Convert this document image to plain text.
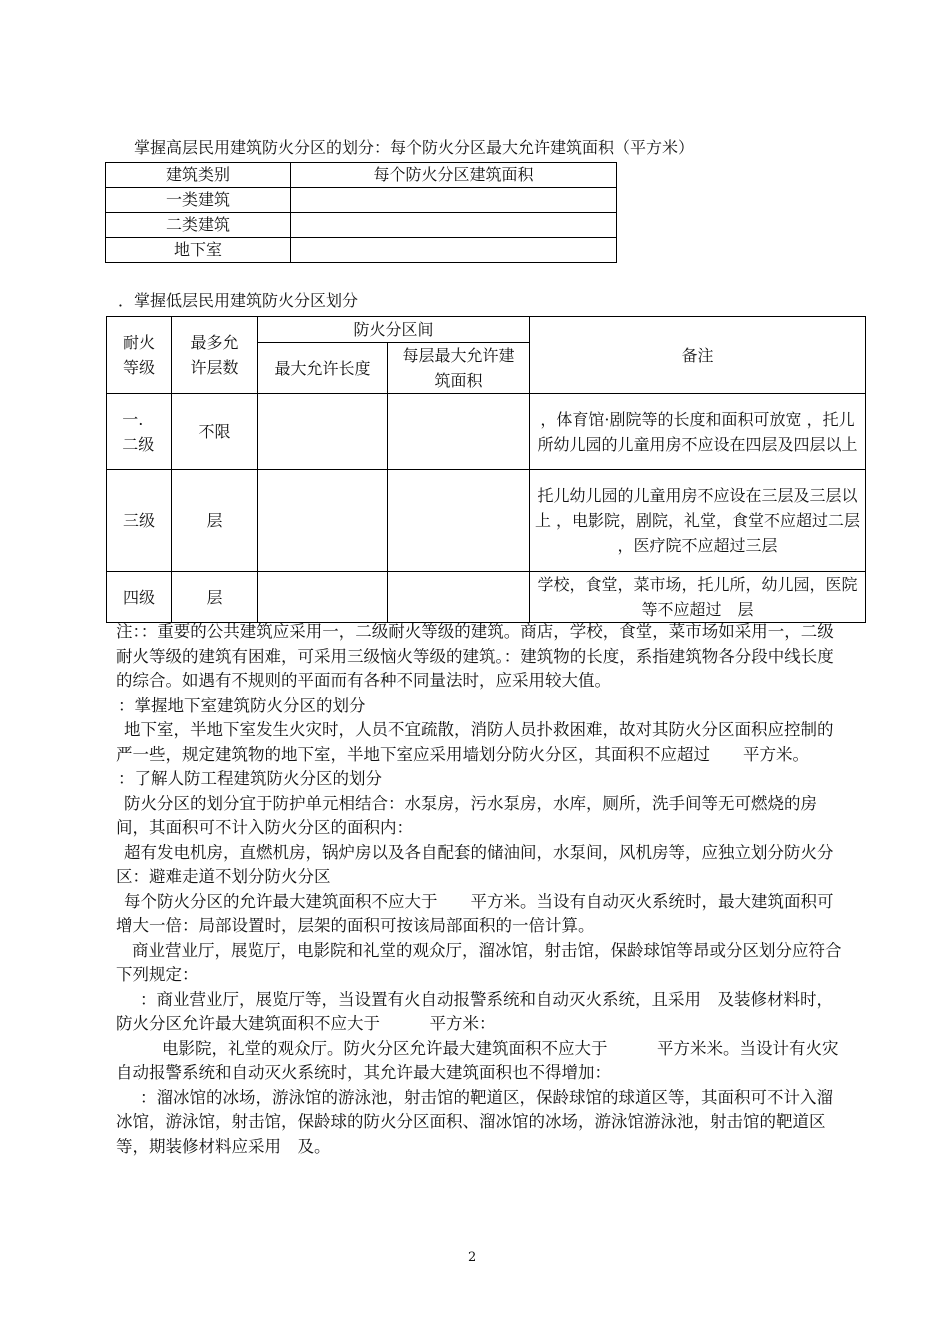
掌握高层民用建筑防火分区的划分：每个防火分区最大允许建筑面积（平方米）
建筑类别	每个防火分区建筑面积
一类建筑	
二类建筑	
地下室	
．掌握低层民用建筑防火分区划分
耐火等级	最多允许层数	防火分区间		备注

		最大允许长度	每层最大允许建筑面积	

一.二级	不限			，体育馆·剧院等的长度和面积可放宽 ，托儿所幼儿园的儿童用房不应设在四层及四层以上
三级	层			托儿幼儿园的儿童用房不应设在三层及三层以上 ，电影院，剧院，礼堂，食堂不应超过二层 ，医疗院不应超过三层
四级	层			学校，食堂，菜市场，托儿所，幼儿园，医院等不应超过　层

注：：重要的公共建筑应采用一，二级耐火等级的建筑。商店，学校，食堂，菜市场如采用一，二级耐火等级的建筑有困难，可采用三级恼火等级的建筑。：建筑物的长度，系指建筑物各分段中线长度的综合。如遇有不规则的平面而有各种不同量法时，应采用较大值。

：掌握地下室建筑防火分区的划分

地下室，半地下室发生火灾时，人员不宜疏散，消防人员扑救困难，故对其防火分区面积应控制的严一些，规定建筑物的地下室，半地下室应采用墙划分防火分区，其面积不应超过　　平方米。

：了解人防工程建筑防火分区的划分

防火分区的划分宜于防护单元相结合：水泵房，污水泵房，水库，厕所，洗手间等无可燃烧的房间，其面积可不计入防火分区的面积内：

超有发电机房，直燃机房，锅炉房以及各自配套的储油间，水泵间，风机房等，应独立划分防火分区：避难走道不划分防火分区

每个防火分区的允许最大建筑面积不应大于　　平方米。当设有自动灭火系统时，最大建筑面积可增大一倍：局部设置时，层架的面积可按该局部面积的一倍计算。

商业营业厅，展览厅，电影院和礼堂的观众厅，溜冰馆，射击馆，保龄球馆等昂或分区划分应符合下列规定：

：商业营业厅，展览厅等，当设置有火自动报警系统和自动灭火系统，且采用　及装修材料时，防火分区允许最大建筑面积不应大于　　　平方米：

电影院，礼堂的观众厅。防火分区允许最大建筑面积不应大于　　　平方米米。当设计有火灾自动报警系统和自动灭火系统时，其允许最大建筑面积也不得增加：

：溜冰馆的冰场，游泳馆的游泳池，射击馆的靶道区，保龄球馆的球道区等，其面积可不计入溜冰馆，游泳馆，射击馆，保龄球的防火分区面积、溜冰馆的冰场，游泳馆游泳池，射击馆的靶道区等，期装修材料应采用　及。

2
